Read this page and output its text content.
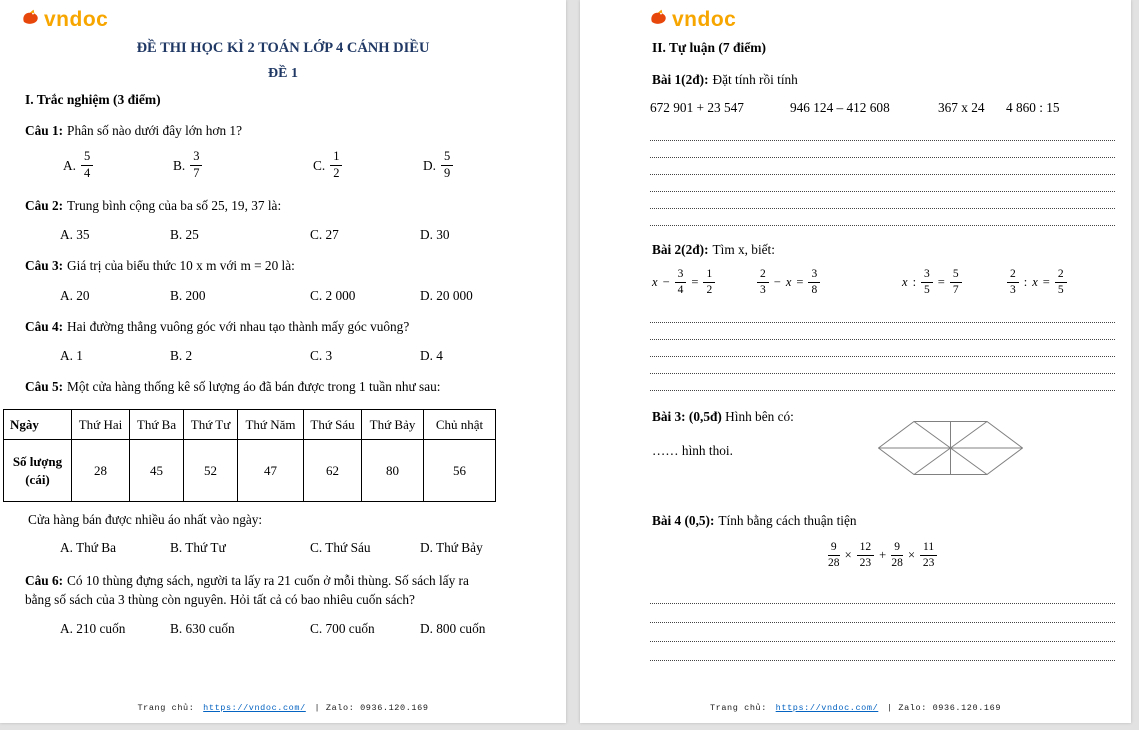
vndoc
ĐỀ THI HỌC KÌ 2 TOÁN LỚP 4 CÁNH DIỀU
ĐỀ 1
I. Trắc nghiệm (3 điểm)

Câu 1: Phân số nào dưới đây lớn hơn 1?

A. $\frac{5}{4}$	B. $\frac{3}{7}$	C. $\frac{1}{2}$	D. $\frac{5}{9}$

Câu 2: Trung bình cộng của ba số 25, 19, 37 là:

A. 35	B. 25	C. 27	D. 30

Câu 3: Giá trị của biểu thức 10 x m với m = 20 là:

A. 20	B. 200	C. 2 000	D. 20 000

Câu 4: Hai đường thẳng vuông góc với nhau tạo thành mấy góc vuông?

A. 1	B. 2	C. 3	D. 4

Câu 5: Một cửa hàng thống kê số lượng áo đã bán được trong 1 tuần như sau:

Ngày	Thứ Hai	Thứ Ba	Thứ Tư	Thứ Năm	Thứ Sáu	Thứ Bảy	Chủ nhật

Số lượng
(cái)	28	45	52	47	62	80	56
Cửa hàng bán được nhiều áo nhất vào ngày:
A. Thứ Ba	B. Thứ Tư	C. Thứ Sáu	D. Thứ Bảy

Câu 6: Có 10 thùng đựng sách, người ta lấy ra 21 cuốn ở mỗi thùng. Số sách lấy ra
bằng số sách của 3 thùng còn nguyên. Hỏi tất cả có bao nhiêu cuốn sách?

A. 210 cuốn	B. 630 cuốn	C. 700 cuốn	D. 800 cuốn
Trang chủ: https://vndoc.com/ | Zalo: 0936.120.169
vndoc
II. Tự luận (7 điểm)

Bài 1(2đ): Đặt tính rồi tính

672 901 + 23 547	946 124 – 412 608	367 x 24	4 860 : 15

Bài 2(2đ): Tìm x, biết:

$x - \frac{3}{4} = \frac{1}{2}$	$\frac{2}{3} - x = \frac{3}{8}$	x : $\frac{3}{5} = \frac{5}{7}$	$\frac{2}{3}$ : $x = \frac{2}{5}$

Bài 3: (0,5đ) Hình bên có:

…… hình thoi.

Bài 4 (0,5): Tính bằng cách thuận tiện

$\frac{9}{28} \times \frac{12}{23} + \frac{9}{28} \times \frac{11}{23}$
Trang chủ: https://vndoc.com/ | Zalo: 0936.120.169
